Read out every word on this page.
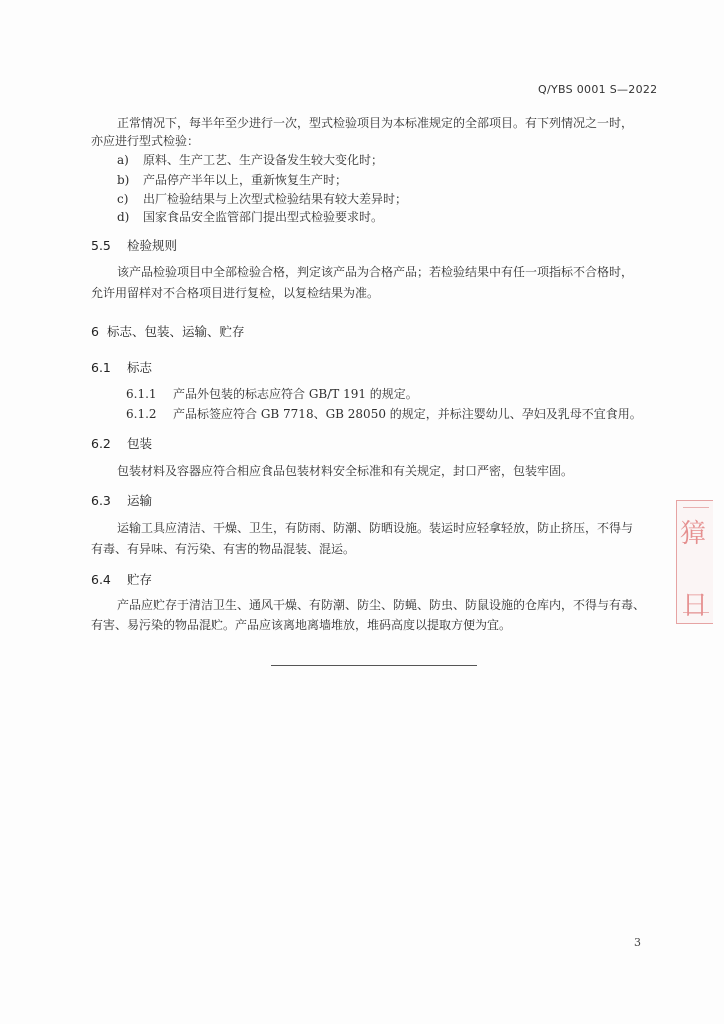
Q/YBS 0001 S—2022
正常情况下，每半年至少进行一次，型式检验项目为本标准规定的全部项目。有下列情况之一时，
亦应进行型式检验：
a) 原料、生产工艺、生产设备发生较大变化时；
b) 产品停产半年以上，重新恢复生产时；
c) 出厂检验结果与上次型式检验结果有较大差异时；
d) 国家食品安全监管部门提出型式检验要求时。
5.5 检验规则
该产品检验项目中全部检验合格，判定该产品为合格产品；若检验结果中有任一项指标不合格时，
允许用留样对不合格项目进行复检，以复检结果为准。
6 标志、包装、运输、贮存
6.1 标志
6.1.1 产品外包装的标志应符合 GB/T 191 的规定。
6.1.2 产品标签应符合 GB 7718、GB 28050 的规定，并标注婴幼儿、孕妇及乳母不宜食用。
6.2 包装
包装材料及容器应符合相应食品包装材料安全标准和有关规定，封口严密，包装牢固。
6.3 运输
运输工具应清洁、干燥、卫生，有防雨、防潮、防晒设施。装运时应轻拿轻放，防止挤压，不得与
有毒、有异味、有污染、有害的物品混装、混运。
6.4 贮存
产品应贮存于清洁卫生、通风干燥、有防潮、防尘、防蝇、防虫、防鼠设施的仓库内，不得与有毒、
有害、易污染的物品混贮。产品应该离地离墙堆放，堆码高度以提取方便为宜。
獐
日
3
